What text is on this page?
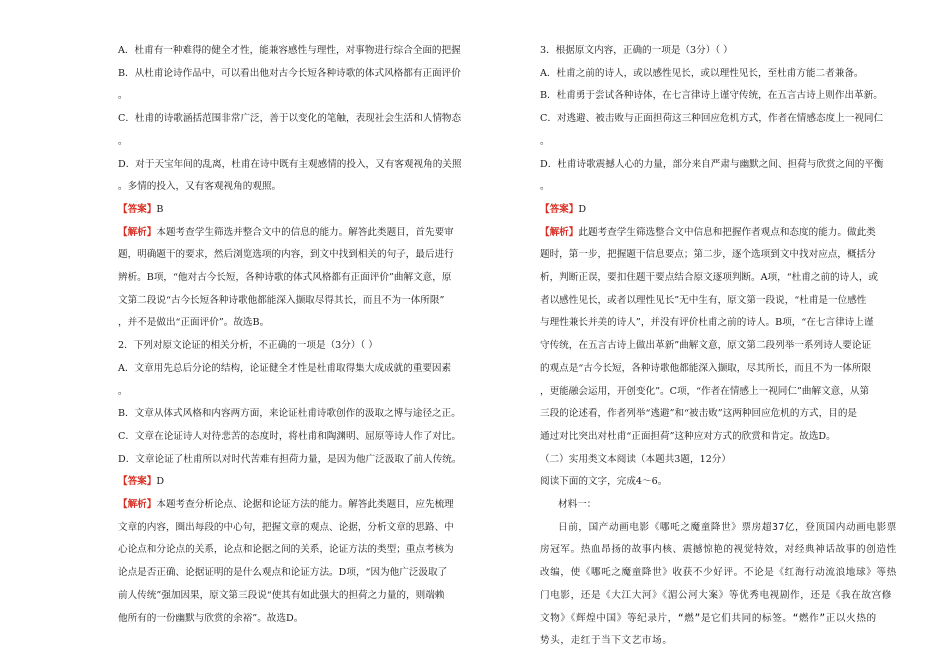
A．杜甫有一种难得的健全才性，能兼容感性与理性，对事物进行综合全面的把握

B．从杜甫论诗作品中，可以看出他对古今长短各种诗歌的体式风格都有正面评价

。

C．杜甫的诗歌涵括范围非常广泛，善于以变化的笔触，表现社会生活和人情物态

。

D．对于天宝年间的乱离，杜甫在诗中既有主观感情的投入，又有客观视角的关照

。多情的投入，又有客观视角的观照。

【答案】B

【解析】本题考查学生筛选并整合文中的信息的能力。解答此类题目，首先要审

题，明确题干的要求，然后浏览选项的内容，到文中找到相关的句子，最后进行

辨析。B项，“他对古今长短，各种诗歌的体式风格都有正面评价”曲解文意，原

文第二段说“古今长短各种诗歌他都能深入撷取尽得其长，而且不为一体所限”

，并不是做出“正面评价”。故选B。

2．下列对原文论证的相关分析，不正确的一项是（3分）（ ）

A．文章用先总后分论的结构，论证健全才性是杜甫取得集大成成就的重要因素

。

B．文章从体式风格和内容两方面，来论证杜甫诗歌创作的汲取之博与途径之正。

C．文章在论证诗人对待悲苦的态度时，将杜甫和陶渊明、屈原等诗人作了对比。

D．文章论证了杜甫所以对时代苦难有担荷力量，是因为他广泛汲取了前人传统。

【答案】D

【解析】本题考查分析论点、论据和论证方法的能力。解答此类题目，应先梳理

文章的内容，圈出每段的中心句，把握文章的观点、论据，分析文章的思路、中

心论点和分论点的关系，论点和论据之间的关系，论证方法的类型；重点考核为

论点是否正确、论据证明的是什么观点和论证方法。D项，“因为他广泛汲取了

前人传统”强加因果，原文第三段说“使其有如此强大的担荷之力量的，则端赖

他所有的一份幽默与欣赏的余裕”。故选D。

3．根据原文内容，正确的一项是（3分）（ ）

A．杜甫之前的诗人，或以感性见长，或以理性见长，至杜甫方能二者兼备。

B．杜甫勇于尝试各种诗体，在七言律诗上谨守传统，在五言古诗上则作出革新。

C．对逃避、被击败与正面担荷这三种回应危机方式，作者在情感态度上一视同仁

。

D．杜甫诗歌震撼人心的力量，部分来自严肃与幽默之间、担荷与欣赏之间的平衡

。

【答案】D

【解析】此题考查学生筛选整合文中信息和把握作者观点和态度的能力。做此类

题时，第一步，把握题干信息要点；第二步，逐个选项到文中找对应点，概括分

析，判断正误，要扣住题干要点结合原文逐项判断。A项，“杜甫之前的诗人，或

者以感性见长，或者以理性见长”无中生有，原文第一段说，“杜甫是一位感性

与理性兼长并美的诗人”，并没有评价杜甫之前的诗人。B项，“在七言律诗上谨

守传统，在五言古诗上做出革新”曲解文意，原文第二段列举一系列诗人要论证

的观点是“古今长短，各种诗歌他都能深入撷取，尽其所长，而且不为一体所限

，更能融会运用，开创变化”。C项，“作者在情感上一视同仁”曲解文意，从第

三段的论述看，作者列举“逃避”和“被击败”这两种回应危机的方式，目的是

通过对比突出对杜甫“正面担荷”这种应对方式的欣赏和肯定。故选D。

（二）实用类文本阅读（本题共3题，12分）

阅读下面的文字，完成4～6。

材料一：

日前，国产动画电影《哪吒之魔童降世》票房超37亿，登顶国内动画电影票

房冠军。热血昂扬的故事内核、震撼惊艳的视觉特效，对经典神话故事的创造性

改编，使《哪吒之魔童降世》收获不少好评。不论是《红海行动流浪地球》等热

门电影，还是《大江大河》《湄公河大案》等优秀电视剧作，还是《我在故宫修

文物》《辉煌中国》等纪录片，“燃”是它们共同的标签。“燃作”正以火热的

势头，走红于当下文艺市场。
